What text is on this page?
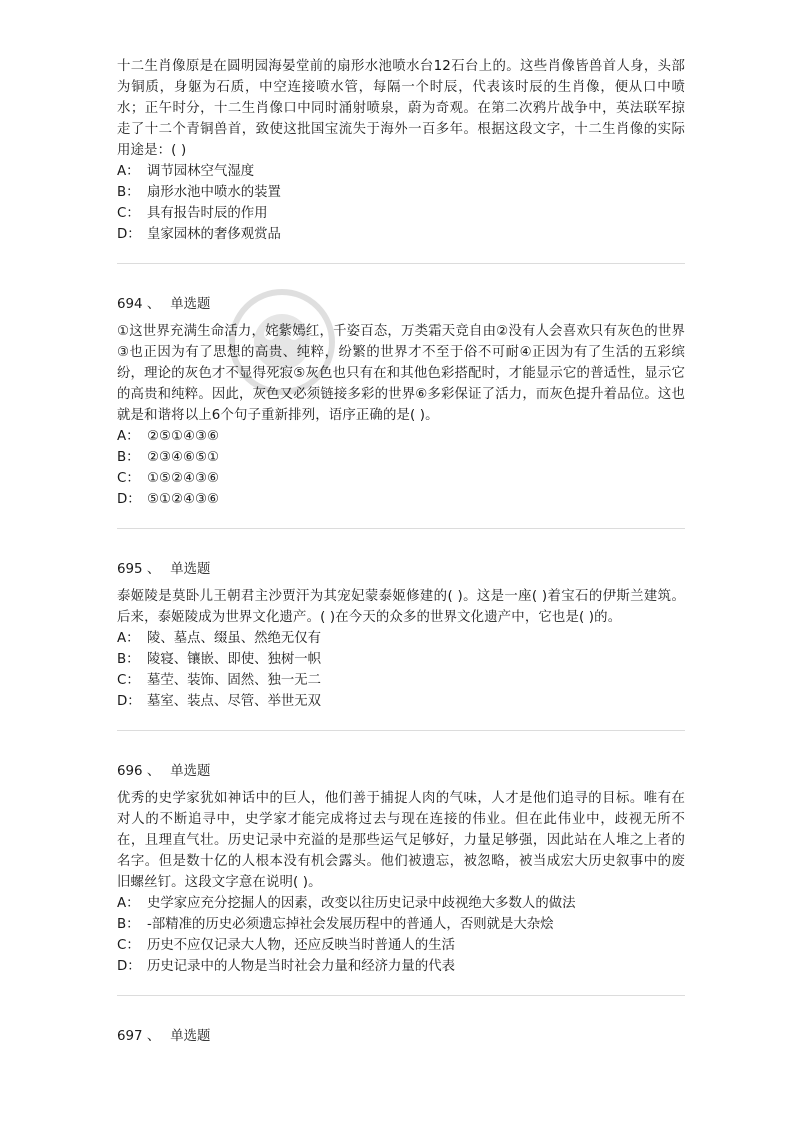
十二生肖像原是在圆明园海晏堂前的扇形水池喷水台12石台上的。这些肖像皆兽首人身，头部为铜质，身躯为石质，中空连接喷水管，每隔一个时辰，代表该时辰的生肖像，便从口中喷水；正午时分，十二生肖像口中同时涌射喷泉，蔚为奇观。在第二次鸦片战争中，英法联军掠走了十二个青铜兽首，致使这批国宝流失于海外一百多年。根据这段文字，十二生肖像的实际用途是：( )

A： 调节园林空气湿度

B： 扇形水池中喷水的装置

C： 具有报告时辰的作用

D： 皇家园林的奢侈观赏品

694 、 单选题

①这世界充满生命活力，姹紫嫣红，千姿百态，万类霜天竞自由②没有人会喜欢只有灰色的世界③也正因为有了思想的高贵、纯粹，纷繁的世界才不至于俗不可耐④正因为有了生活的五彩缤纷，理论的灰色才不显得死寂⑤灰色也只有在和其他色彩搭配时，才能显示它的普适性，显示它的高贵和纯粹。因此，灰色又必须链接多彩的世界⑥多彩保证了活力，而灰色提升着品位。这也就是和谐将以上6个句子重新排列，语序正确的是( )。

A： ②⑤①④③⑥

B： ②③④⑥⑤①

C： ①⑤②④③⑥

D： ⑤①②④③⑥

695 、 单选题

泰姬陵是莫卧儿王朝君主沙贾汗为其宠妃蒙泰姬修建的( )。这是一座( )着宝石的伊斯兰建筑。后来，泰姬陵成为世界文化遗产。( )在今天的众多的世界文化遗产中，它也是( )的。

A： 陵、墓点、缀虽、然绝无仅有

B： 陵寝、镶嵌、即使、独树一帜

C： 墓茔、装饰、固然、独一无二

D： 墓室、装点、尽管、举世无双

696 、 单选题

优秀的史学家犹如神话中的巨人，他们善于捕捉人肉的气味，人才是他们追寻的目标。唯有在对人的不断追寻中，史学家才能完成将过去与现在连接的伟业。但在此伟业中，歧视无所不在，且理直气壮。历史记录中充溢的是那些运气足够好，力量足够强，因此站在人堆之上者的名字。但是数十亿的人根本没有机会露头。他们被遗忘，被忽略，被当成宏大历史叙事中的废旧螺丝钉。这段文字意在说明( )。

A： 史学家应充分挖掘人的因素，改变以往历史记录中歧视绝大多数人的做法

B： -部精准的历史必须遗忘掉社会发展历程中的普通人，否则就是大杂烩

C： 历史不应仅记录大人物，还应反映当时普通人的生活

D： 历史记录中的人物是当时社会力量和经济力量的代表

697 、 单选题
